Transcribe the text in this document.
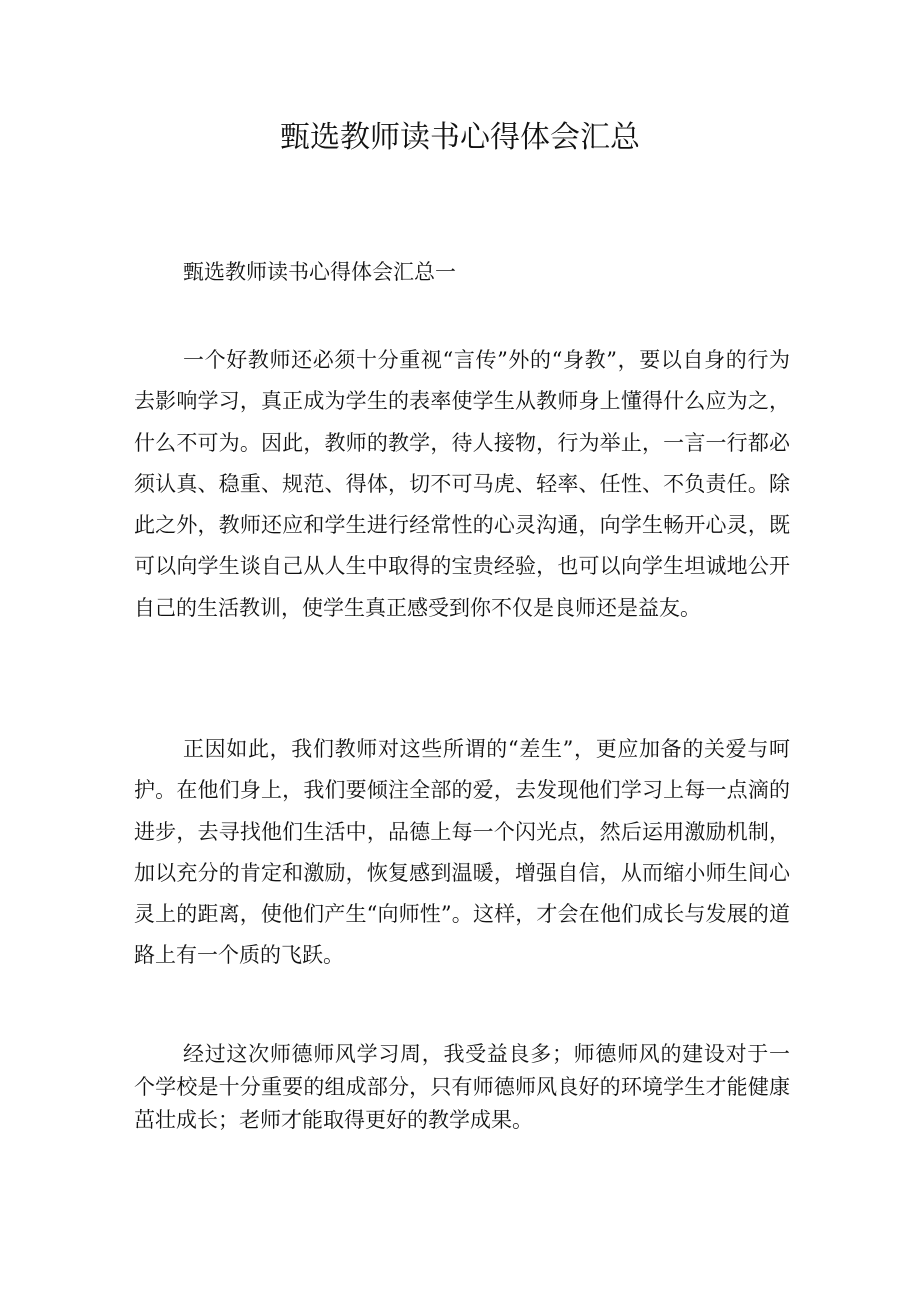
甄选教师读书心得体会汇总

甄选教师读书心得体会汇总一

一个好教师还必须十分重视“言传”外的“身教”，要以自身的行为去影响学习，真正成为学生的表率使学生从教师身上懂得什么应为之，什么不可为。因此，教师的教学，待人接物，行为举止，一言一行都必须认真、稳重、规范、得体，切不可马虎、轻率、任性、不负责任。除此之外，教师还应和学生进行经常性的心灵沟通，向学生畅开心灵，既可以向学生谈自己从人生中取得的宝贵经验，也可以向学生坦诚地公开自己的生活教训，使学生真正感受到你不仅是良师还是益友。

正因如此，我们教师对这些所谓的“差生”，更应加备的关爱与呵护。在他们身上，我们要倾注全部的爱，去发现他们学习上每一点滴的进步，去寻找他们生活中，品德上每一个闪光点，然后运用激励机制，加以充分的肯定和激励，恢复感到温暖，增强自信，从而缩小师生间心灵上的距离，使他们产生“向师性”。这样，才会在他们成长与发展的道路上有一个质的飞跃。

经过这次师德师风学习周，我受益良多；师德师风的建设对于一个学校是十分重要的组成部分，只有师德师风良好的环境学生才能健康茁壮成长；老师才能取得更好的教学成果。
